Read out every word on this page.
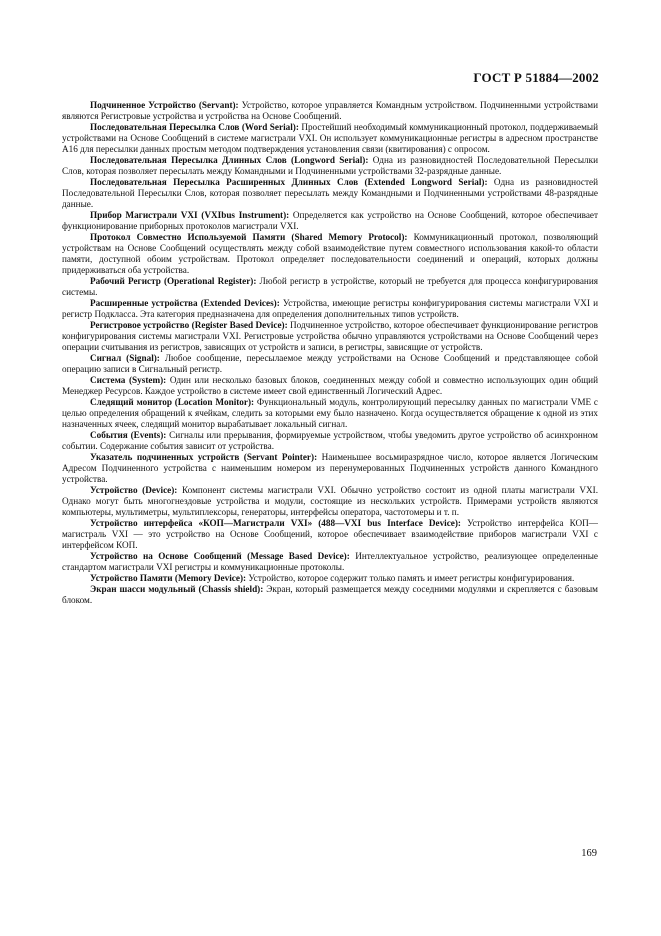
ГОСТ Р 51884—2002

Подчиненное Устройство (Servant): Устройство, которое управляется Командным устройством. Подчиненными устройствами являются Регистровые устройства и устройства на Основе Сообщений.

Последовательная Пересылка Слов (Word Serial): Простейший необходимый коммуникационный протокол, поддерживаемый устройствами на Основе Сообщений в системе магистрали VXI. Он использует коммуникационные регистры в адресном пространстве А16 для пересылки данных простым методом подтверждения установления связи (квитирования) с опросом.

Последовательная Пересылка Длинных Слов (Longword Serial): Одна из разновидностей Последовательной Пересылки Слов, которая позволяет пересылать между Командными и Подчиненными устройствами 32-разрядные данные.

Последовательная Пересылка Расширенных Длинных Слов (Extended Longword Serial): Одна из разновидностей Последовательной Пересылки Слов, которая позволяет пересылать между Командными и Подчиненными устройствами 48-разрядные данные.

Прибор Магистрали VXI (VXIbus Instrument): Определяется как устройство на Основе Сообщений, которое обеспечивает функционирование приборных протоколов магистрали VXI.

Протокол Совместно Используемой Памяти (Shared Memory Protocol): Коммуникационный протокол, позволяющий устройствам на Основе Сообщений осуществлять между собой взаимодействие путем совместного использования какой-то области памяти, доступной обоим устройствам. Протокол определяет последовательности соединений и операций, которых должны придерживаться оба устройства.

Рабочий Регистр (Operational Register): Любой регистр в устройстве, который не требуется для процесса конфигурирования системы.

Расширенные устройства (Extended Devices): Устройства, имеющие регистры конфигурирования системы магистрали VXI и регистр Подкласса. Эта категория предназначена для определения дополнительных типов устройств.

Регистровое устройство (Register Based Device): Подчиненное устройство, которое обеспечивает функционирование регистров конфигурирования системы магистрали VXI. Регистровые устройства обычно управляются устройствами на Основе Сообщений через операции считывания из регистров, зависящих от устройств и записи, в регистры, зависящие от устройств.

Сигнал (Signal): Любое сообщение, пересылаемое между устройствами на Основе Сообщений и представляющее собой операцию записи в Сигнальный регистр.

Система (System): Один или несколько базовых блоков, соединенных между собой и совместно использующих один общий Менеджер Ресурсов. Каждое устройство в системе имеет свой единственный Логический Адрес.

Следящий монитор (Location Monitor): Функциональный модуль, контролирующий пересылку данных по магистрали VME с целью определения обращений к ячейкам, следить за которыми ему было назначено. Когда осуществляется обращение к одной из этих назначенных ячеек, следящий монитор вырабатывает локальный сигнал.

События (Events): Сигналы или прерывания, формируемые устройством, чтобы уведомить другое устройство об асинхронном событии. Содержание события зависит от устройства.

Указатель подчиненных устройств (Servant Pointer): Наименьшее восьмиразрядное число, которое является Логическим Адресом Подчиненного устройства с наименьшим номером из перенумерованных Подчиненных устройств данного Командного устройства.

Устройство (Device): Компонент системы магистрали VXI. Обычно устройство состоит из одной платы магистрали VXI. Однако могут быть многогнездовые устройства и модули, состоящие из нескольких устройств. Примерами устройств являются компьютеры, мультиметры, мультиплексоры, генераторы, интерфейсы оператора, частотомеры и т. п.

Устройство интерфейса «КОП—Магистрали VXI» (488—VXI bus Interface Device): Устройство интерфейса КОП—магистраль VXI — это устройство на Основе Сообщений, которое обеспечивает взаимодействие приборов магистрали VXI с интерфейсом КОП.

Устройство на Основе Сообщений (Message Based Device): Интеллектуальное устройство, реализующее определенные стандартом магистрали VXI регистры и коммуникационные протоколы.

Устройство Памяти (Memory Device): Устройство, которое содержит только память и имеет регистры конфигурирования.

Экран шасси модульный (Chassis shield): Экран, который размещается между соседними модулями и скрепляется с базовым блоком.

169
